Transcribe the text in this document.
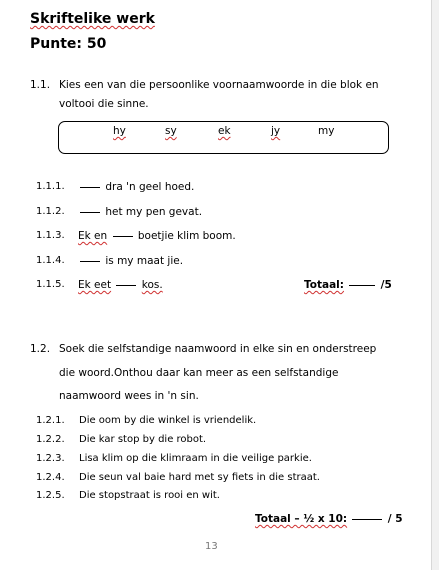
Skriftelike werk
Punte: 50
1.1. Kies een van die persoonlike voornaamwoorde in die blok en
voltooi die sinne.
hy	sy	ek	jy	my
1.1.1.	dra 'n geel hoed.
1.1.2.	het my pen gevat.
1.1.3. Ek en	boetjie klim boom.
1.1.4.	is my maat jie.
1.1.5. Ek eet	kos.	Totaal:	/5
1.2. Soek die selfstandige naamwoord in elke sin en onderstreep
die woord.Onthou daar kan meer as een selfstandige
naamwoord wees in 'n sin.
1.2.1. Die oom by die winkel is vriendelik.
1.2.2. Die kar stop by die robot.
1.2.3. Lisa klim op die klimraam in die veilige parkie.
1.2.4. Die seun val baie hard met sy fiets in die straat.
1.2.5. Die stopstraat is rooi en wit.
Totaal – ½ x 10:	/ 5
13
